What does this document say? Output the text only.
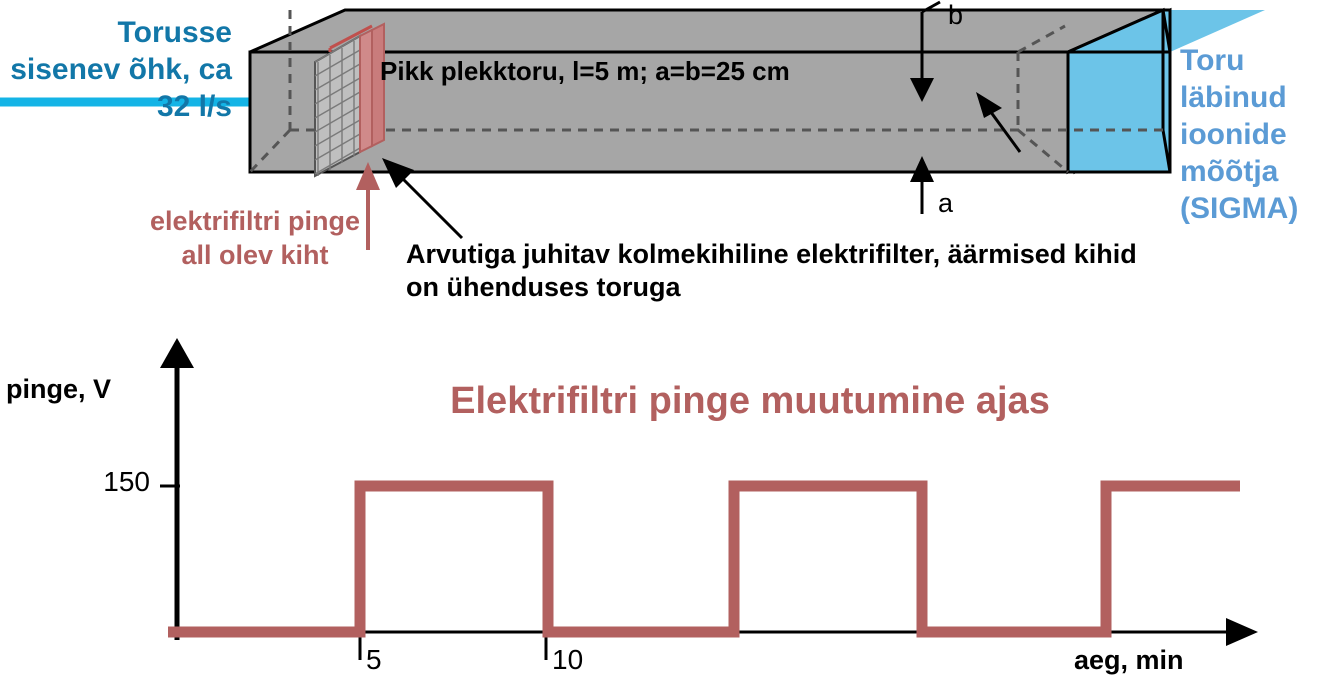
Torusse sisenev õhk, ca 32 l/s
Toru läbinud ioonide mõõtja (SIGMA)
Pikk plekktoru, l=5 m; a=b=25 cm
elektrifiltri pinge all olev kiht	Arvutiga juhitav kolmekihiline elektrifilter, äärmised kihid on ühenduses toruga
a
b
pinge, V
aeg, min
Elektrifiltri pinge muutumine ajas
150
5	10
